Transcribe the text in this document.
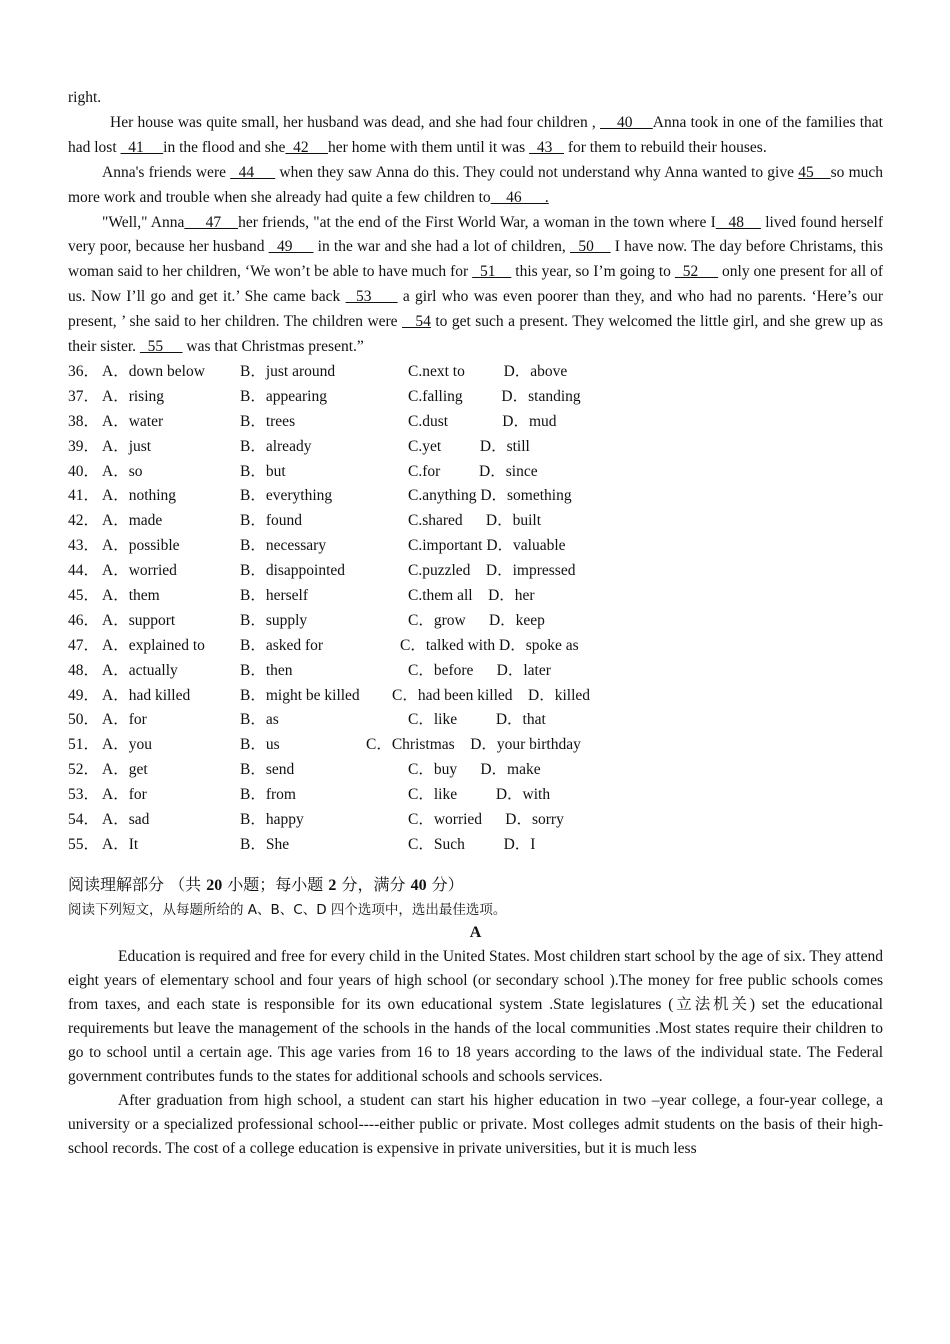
right.

Her house was quite small, her husband was dead, and she had four children ,     40     Anna took in one of the families that had lost   41     in the flood and she  42     her home with them until it was   43    for them to rebuild their houses.

Anna's friends were   44      when they saw Anna do this. They could not understand why Anna wanted to give 45    so much more work and trouble when she already had quite a few children to    46      .

"Well," Anna     47    her friends, "at the end of the First World War, a woman in the town where I   48     lived found herself very poor, because her husband   49      in the war and she had a lot of children,   50     I have now. The day before Christams, this woman said to her children, ‘We won’t be able to have much for   51     this year, so I’m going to   52      only one present for all of us. Now I’ll go and get it.’ She came back   53      a girl who was even poorer than they, and who had no parents. ‘Here’s our present, ’ she said to her children. The children were    54 to get such a present. They welcomed the little girl, and she grew up as their sister.   55      was that Christmas present.”

36． A．down below B．just around	C.next to          D．above
37． A．rising	B．appearing	C.falling          D．standing
38． A．water	B．trees	C.dust              D．mud
39． A．just	B．already	C.yet          D．still
40． A．so	B．but	C.for          D．since
41． A．nothing	B．everything	C.anything D．something
42． A．made	B．found	C.shared      D．built
43． A．possible	B．necessary	C.important D．valuable
44． A．worried	B．disappointed	C.puzzled    D．impressed
45． A．them	B．herself	C.them all    D．her
46． A．support	B．supply	C．grow      D．keep
47． A．explained to B．asked for	C．talked with D．spoke as
48． A．actually	B．then	C．before      D．later
49． A．had killed	B．might be killed C．had been killed    D．killed
50． A．for	B．as	C．like          D．that
51． A．you	B．us	C．Christmas    D．your birthday
52． A．get	B．send	C．buy      D．make
53． A．for	B．from	C．like          D．with
54． A．sad	B．happy	C．worried      D．sorry
55． A．It	B．She	C．Such          D．I
阅读理解部分 （共 20 小题；每小题 2 分，满分 40 分）
阅读下列短文，从每题所给的 A、B、C、D 四个选项中，选出最佳选项。
A

Education is required and free for every child in the United States. Most children start school by the age of six. They attend eight years of elementary school and four years of high school (or secondary school ).The money for free public schools comes from taxes, and each state is responsible for its own educational system .State legislatures (立法机关) set the educational requirements but leave the management of the schools in the hands of the local communities .Most states require their children to go to school until a certain age. This age varies from 16 to 18 years according to the laws of the individual state. The Federal government contributes funds to the states for additional schools and schools services.

After graduation from high school, a student can start his higher education in two –year college, a four-year college, a university or a specialized professional school----either public or private. Most colleges admit students on the basis of their high-school records. The cost of a college education is expensive in private universities, but it is much less
